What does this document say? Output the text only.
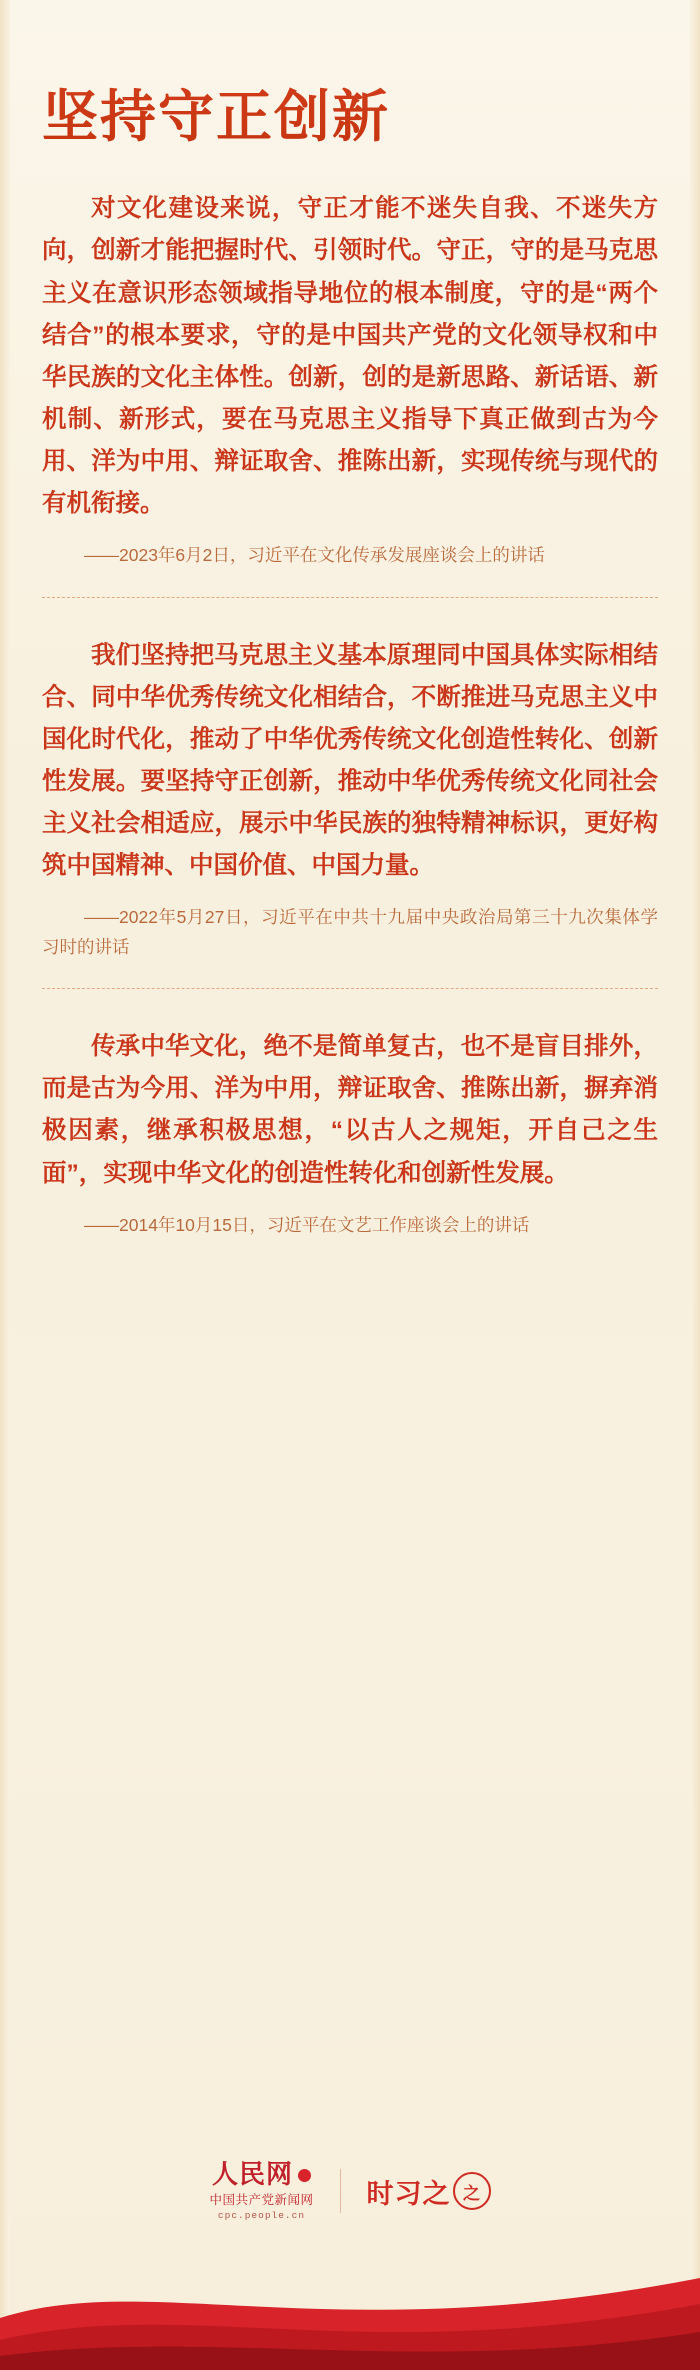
坚持守正创新

对文化建设来说，守正才能不迷失自我、不迷失方向，创新才能把握时代、引领时代。守正，守的是马克思主义在意识形态领域指导地位的根本制度，守的是“两个结合”的根本要求，守的是中国共产党的文化领导权和中华民族的文化主体性。创新，创的是新思路、新话语、新机制、新形式，要在马克思主义指导下真正做到古为今用、洋为中用、辩证取舍、推陈出新，实现传统与现代的有机衔接。

——2023年6月2日，习近平在文化传承发展座谈会上的讲话

我们坚持把马克思主义基本原理同中国具体实际相结合、同中华优秀传统文化相结合，不断推进马克思主义中国化时代化，推动了中华优秀传统文化创造性转化、创新性发展。要坚持守正创新，推动中华优秀传统文化同社会主义社会相适应，展示中华民族的独特精神标识，更好构筑中国精神、中国价值、中国力量。

——2022年5月27日，习近平在中共十九届中央政治局第三十九次集体学习时的讲话

传承中华文化，绝不是简单复古，也不是盲目排外，而是古为今用、洋为中用，辩证取舍、推陈出新，摒弃消极因素，继承积极思想，“以古人之规矩，开自己之生面”，实现中华文化的创造性转化和创新性发展。

——2014年10月15日，习近平在文艺工作座谈会上的讲话

人民网
中国共产党新闻网
cpc.people.cn
时习之 之
